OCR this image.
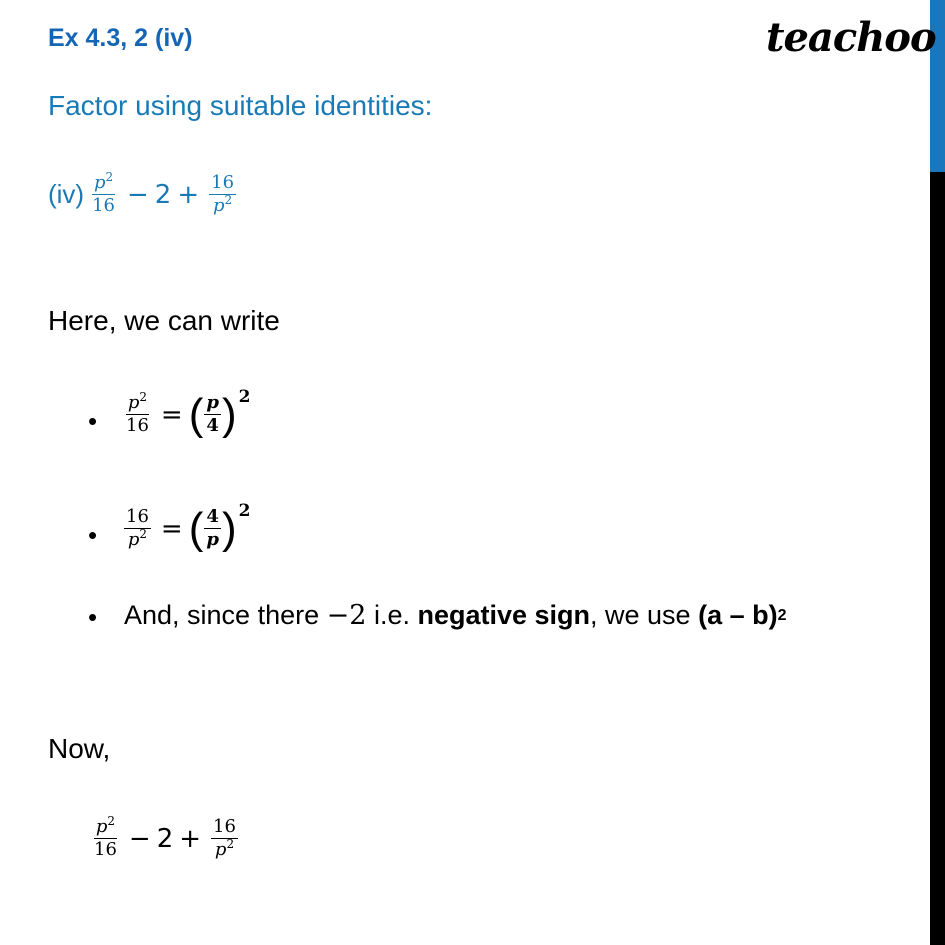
Ex 4.3, 2 (iv)	teachoo
Factor using suitable identities:
$(iv) \frac{p^2}{16} - 2 + \frac{16}{p^2}$
Here, we can write
• $\frac{p^2}{16}$ = ( $\frac{p}{4}$ ) 2
• $\frac{16}{p^2}$ = ( $\frac{4}{p}$ ) 2
• And, since there −2 i.e. negative sign , we use (a – b) 2
Now,
$\frac{p^2}{16} - 2 + \frac{16}{p^2}$
